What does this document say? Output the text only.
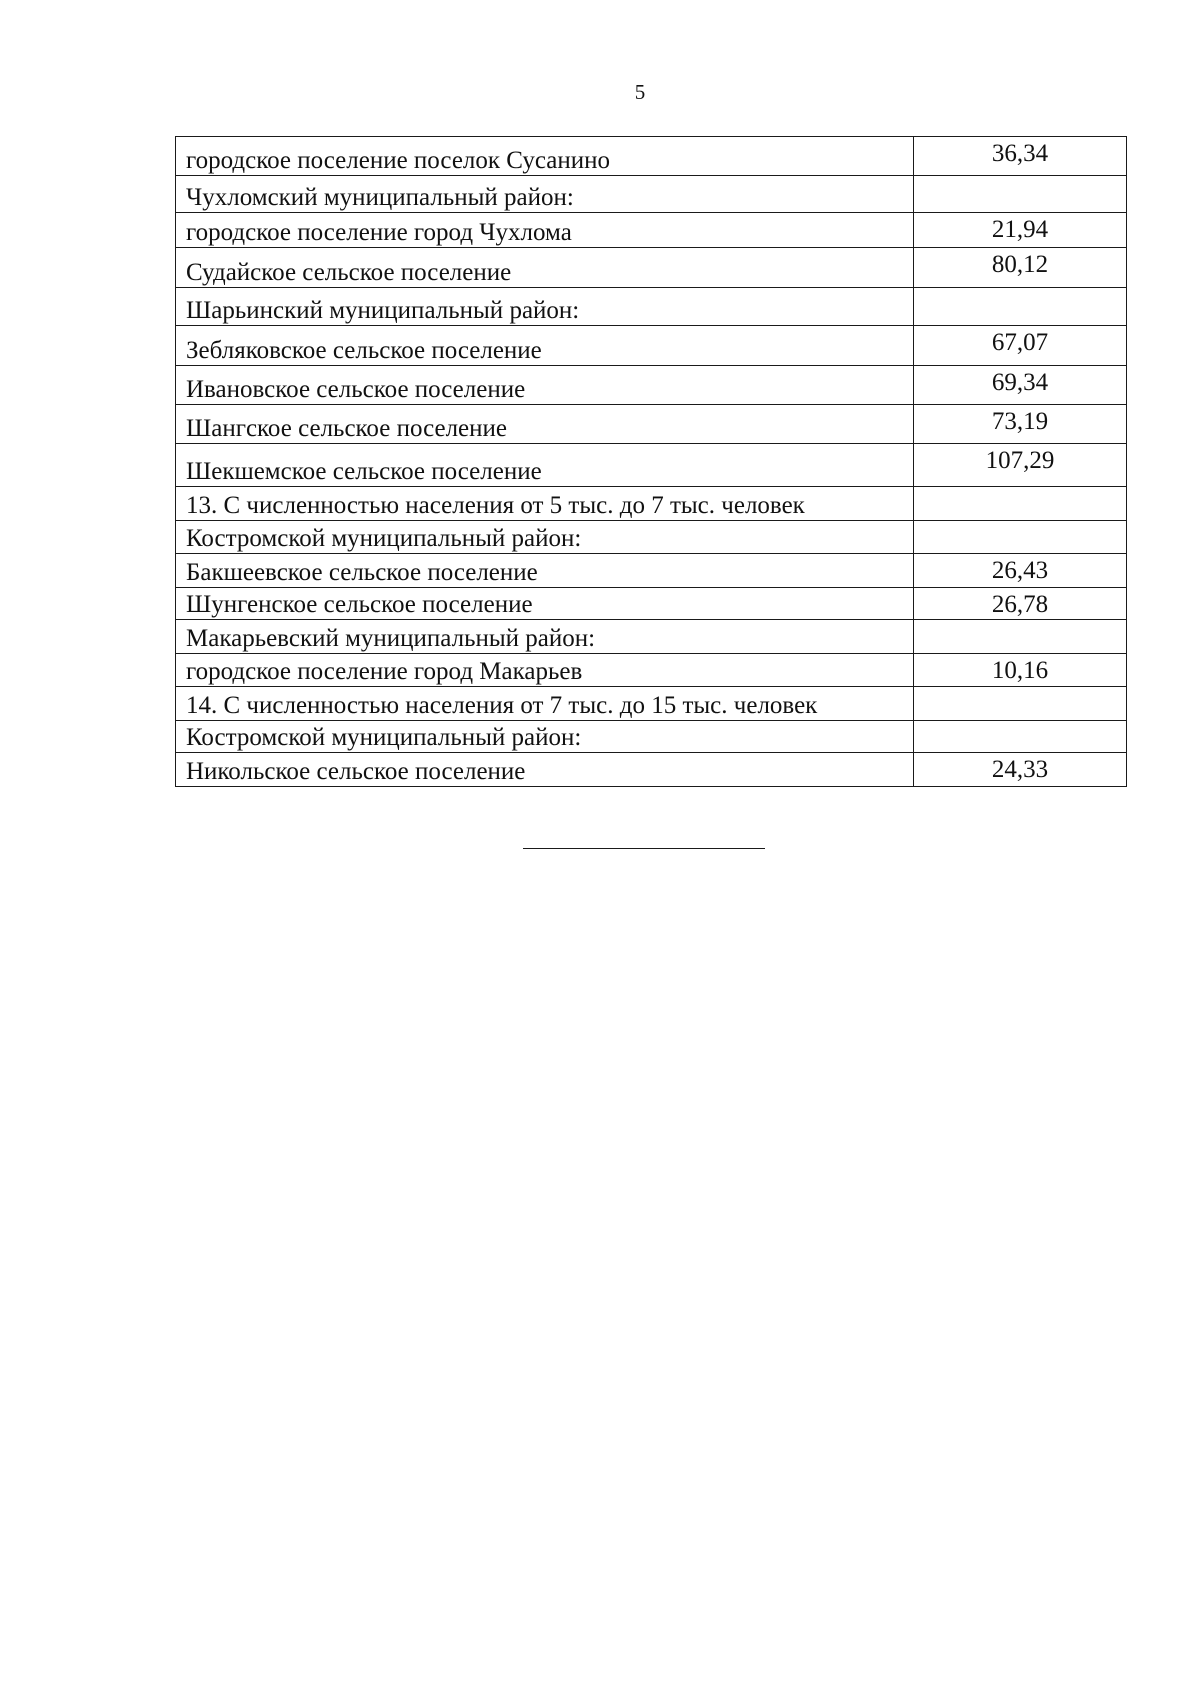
5
городское поселение поселок Сусанино	36,34
Чухломский муниципальный район:	
городское поселение город Чухлома	21,94
Судайское сельское поселение	80,12
Шарьинский муниципальный район:	
Зебляковское сельское поселение	67,07
Ивановское сельское поселение	69,34
Шангское сельское поселение	73,19
Шекшемское сельское поселение	107,29
13. С численностью населения от 5 тыс. до 7 тыс. человек	
Костромской муниципальный район:	
Бакшеевское сельское поселение	26,43
Шунгенское сельское поселение	26,78
Макарьевский муниципальный район:	
городское поселение город Макарьев	10,16
14. С численностью населения от 7 тыс. до 15 тыс. человек	
Костромской муниципальный район:	
Никольское сельское поселение	24,33
